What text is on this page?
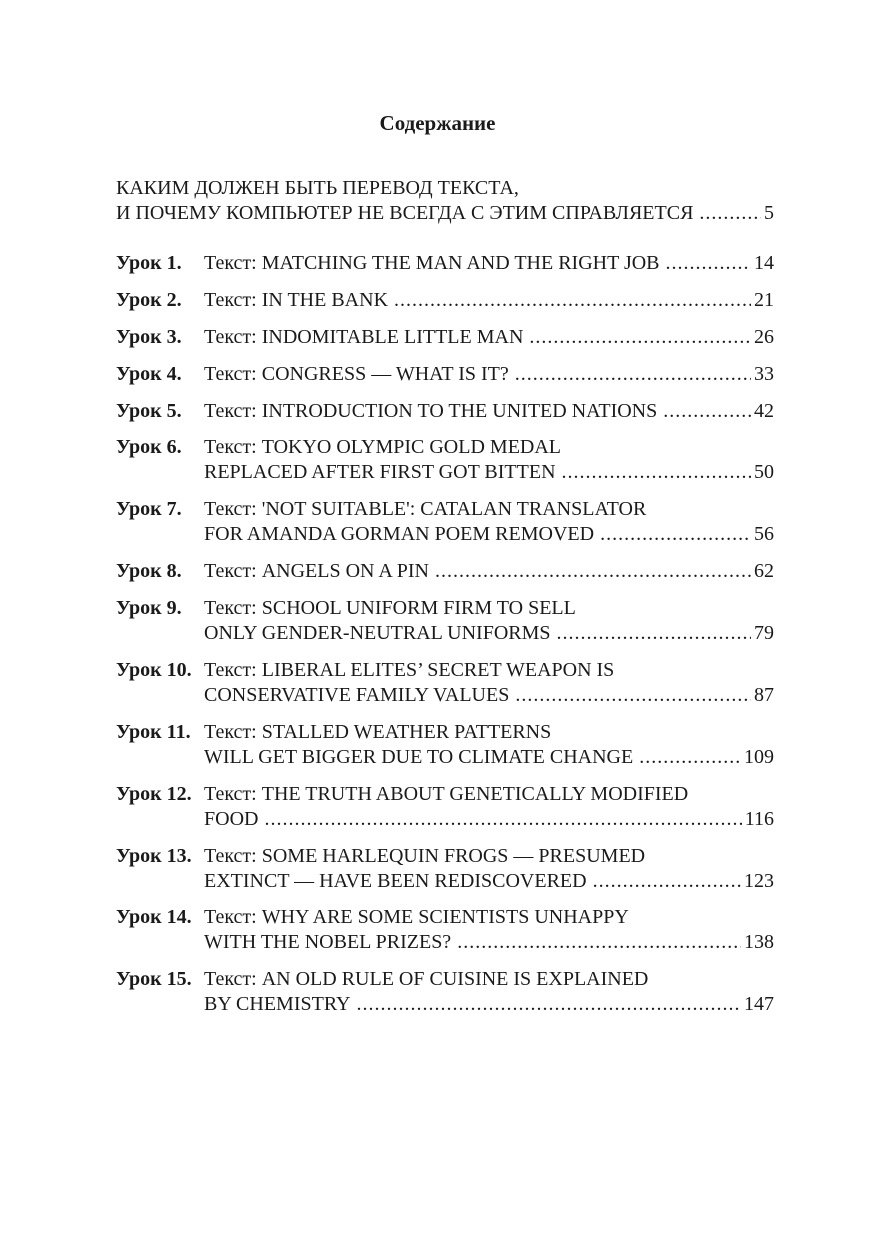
Содержание
КАКИМ ДОЛЖЕН БЫТЬ ПЕРЕВОД ТЕКСТА,
И ПОЧЕМУ КОМПЬЮТЕР НЕ ВСЕГДА С ЭТИМ СПРАВЛЯЕТСЯ .....	5
Урок 1. Текст: MATCHING THE MAN AND THE RIGHT JOB .....	14
Урок 2. Текст: IN THE BANK .....	21
Урок 3. Текст: INDOMITABLE LITTLE MAN .....	26
Урок 4. Текст: CONGRESS — WHAT IS IT? .....	33
Урок 5. Текст: INTRODUCTION TO THE UNITED NATIONS .....	42
Урок 6. Текст: TOKYO OLYMPIC GOLD MEDAL
REPLACED AFTER FIRST GOT BITTEN .....	50
Урок 7. Текст: 'NOT SUITABLE': CATALAN TRANSLATOR
FOR AMANDA GORMAN POEM REMOVED .....	56
Урок 8. Текст: ANGELS ON A PIN .....	62
Урок 9. Текст: SCHOOL UNIFORM FIRM TO SELL
ONLY GENDER-NEUTRAL UNIFORMS .....	79
Урок 10. Текст: LIBERAL ELITES’ SECRET WEAPON IS
CONSERVATIVE FAMILY VALUES .....	87
Урок 11. Текст: STALLED WEATHER PATTERNS
WILL GET BIGGER DUE TO CLIMATE CHANGE .....	109
Урок 12. Текст: THE TRUTH ABOUT GENETICALLY MODIFIED
FOOD .....	116
Урок 13. Текст: SOME HARLEQUIN FROGS — PRESUMED
EXTINCT — HAVE BEEN REDISCOVERED .....	123
Урок 14. Текст: WHY ARE SOME SCIENTISTS UNHAPPY
WITH THE NOBEL PRIZES? .....	138
Урок 15. Текст: AN OLD RULE OF CUISINE IS EXPLAINED
BY CHEMISTRY .....	147
